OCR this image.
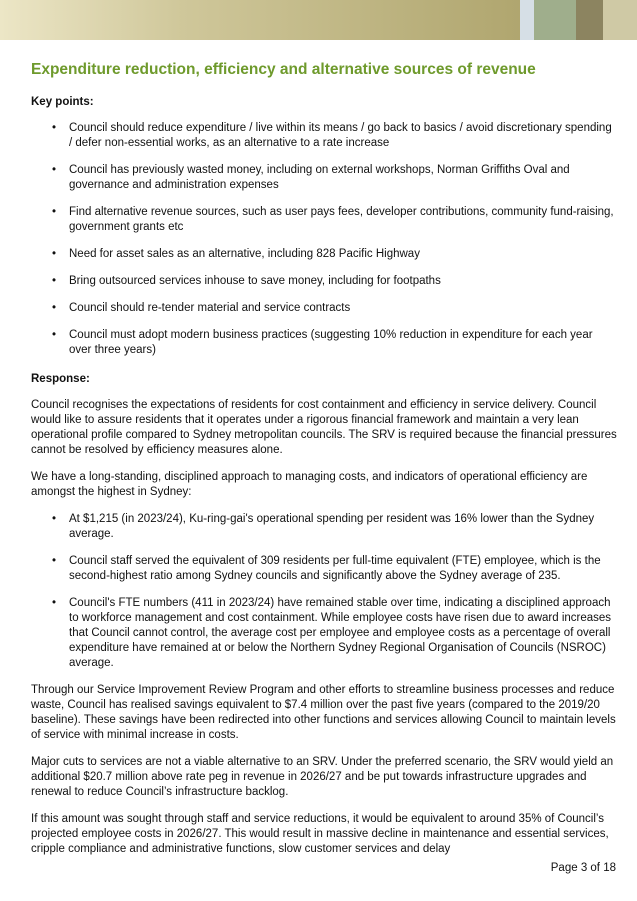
Expenditure reduction, efficiency and alternative sources of revenue
Key points:
• Council should reduce expenditure / live within its means / go back to basics / avoid discretionary spending / defer non-essential works, as an alternative to a rate increase
• Council has previously wasted money, including on external workshops, Norman Griffiths Oval and governance and administration expenses
• Find alternative revenue sources, such as user pays fees, developer contributions, community fund-raising, government grants etc
• Need for asset sales as an alternative, including 828 Pacific Highway
• Bring outsourced services inhouse to save money, including for footpaths
• Council should re-tender material and service contracts
• Council must adopt modern business practices (suggesting 10% reduction in expenditure for each year over three years)
Response:

Council recognises the expectations of residents for cost containment and efficiency in service delivery. Council would like to assure residents that it operates under a rigorous financial framework and maintain a very lean operational profile compared to Sydney metropolitan councils. The SRV is required because the financial pressures cannot be resolved by efficiency measures alone.

We have a long-standing, disciplined approach to managing costs, and indicators of operational efficiency are amongst the highest in Sydney:

• At $1,215 (in 2023/24), Ku-ring-gai's operational spending per resident was 16% lower than the Sydney average.
• Council staff served the equivalent of 309 residents per full-time equivalent (FTE) employee, which is the second-highest ratio among Sydney councils and significantly above the Sydney average of 235.
• Council's FTE numbers (411 in 2023/24) have remained stable over time, indicating a disciplined approach to workforce management and cost containment. While employee costs have risen due to award increases that Council cannot control, the average cost per employee and employee costs as a percentage of overall expenditure have remained at or below the Northern Sydney Regional Organisation of Councils (NSROC) average.

Through our Service Improvement Review Program and other efforts to streamline business processes and reduce waste, Council has realised savings equivalent to $7.4 million over the past five years (compared to the 2019/20 baseline). These savings have been redirected into other functions and services allowing Council to maintain levels of service with minimal increase in costs.

Major cuts to services are not a viable alternative to an SRV. Under the preferred scenario, the SRV would yield an additional $20.7 million above rate peg in revenue in 2026/27 and be put towards infrastructure upgrades and renewal to reduce Council’s infrastructure backlog.

If this amount was sought through staff and service reductions, it would be equivalent to around 35% of Council’s projected employee costs in 2026/27. This would result in massive decline in maintenance and essential services, cripple compliance and administrative functions, slow customer services and delay

Page 3 of 18
